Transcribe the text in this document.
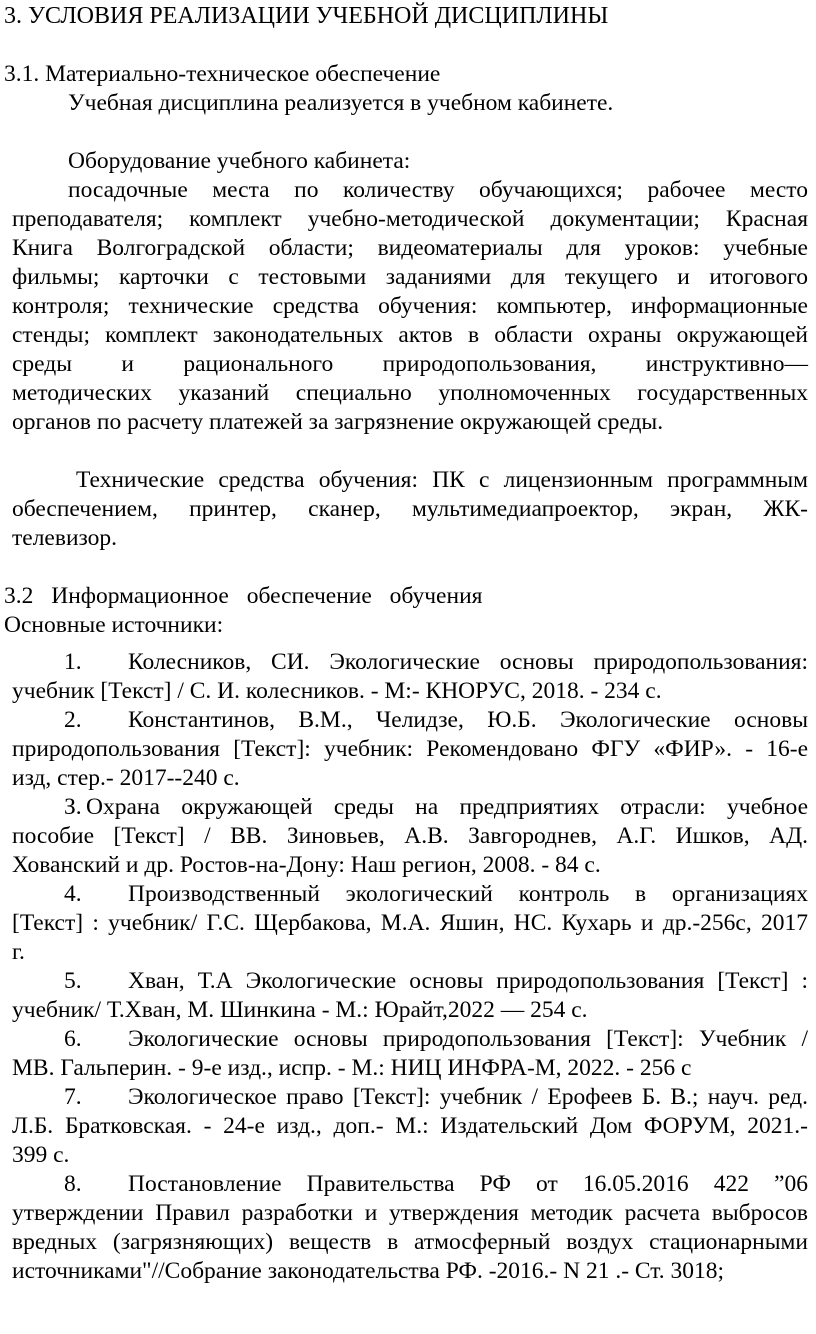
3. УСЛОВИЯ РЕАЛИЗАЦИИ УЧЕБНОЙ ДИСЦИПЛИНЫ
3.1. Материально-техническое обеспечение
Учебная дисциплина реализуется в учебном кабинете.
Оборудование учебного кабинета:
посадочные места по количеству обучающихся; рабочее место
преподавателя; комплект учебно-методической документации; Красная
Книга Волгоградской области; видеоматериалы для уроков: учебные
фильмы; карточки с тестовыми заданиями для текущего и итогового
контроля; технические средства обучения: компьютер, информационные
стенды; комплект законодательных актов в области охраны окружающей
среды и рационального природопользования, инструктивно—
методических указаний специально уполномоченных государственных
органов по расчету платежей за загрязнение окружающей среды.
Технические средства обучения: ПК с лицензионным программным
обеспечением, принтер, сканер, мультимедиапроектор, экран, ЖК-
телевизор.
3.2 Информационное обеспечение обучения
Основные источники:
1. Колесников, СИ. Экологические основы природопользования:
учебник [Текст] / С. И. колесников. - М:- КНОРУС, 2018. - 234 с.
2. Константинов, В.М., Челидзе, Ю.Б. Экологические основы
природопользования [Текст]: учебник: Рекомендовано ФГУ «ФИР». - 16-е
изд, стер.- 2017--240 с.
З. Охрана окружающей среды на предприятиях отрасли: учебное
пособие [Текст] / ВВ. Зиновьев, А.В. Завгороднев, А.Г. Ишков, АД.
Хованский и др. Ростов-на-Дону: Наш регион, 2008. - 84 с.
4. Производственный экологический контроль в организациях
[Текст] : учебник/ Г.С. Щербакова, М.А. Яшин, НС. Кухарь и др.-256с, 2017
г.
5. Хван, Т.А Экологические основы природопользования [Текст] :
учебник/ Т.Хван, М. Шинкина - М.: Юрайт,2022 — 254 с.
6. Экологические основы природопользования [Текст]: Учебник /
МВ. Гальперин. - 9-е изд., испр. - М.: НИЦ ИНФРА-М, 2022. - 256 с
7. Экологическое право [Текст]: учебник / Ерофеев Б. В.; науч. ред.
Л.Б. Братковская. - 24-е изд., доп.- М.: Издательский Дом ФОРУМ, 2021.-
399 с.
8. Постановление Правительства РФ от 16.05.2016 422 ”06
утверждении Правил разработки и утверждения методик расчета выбросов
вредных (загрязняющих) веществ в атмосферный воздух стационарными
источниками"//Собрание законодательства РФ. -2016.- N 21 .- Ст. 3018;
